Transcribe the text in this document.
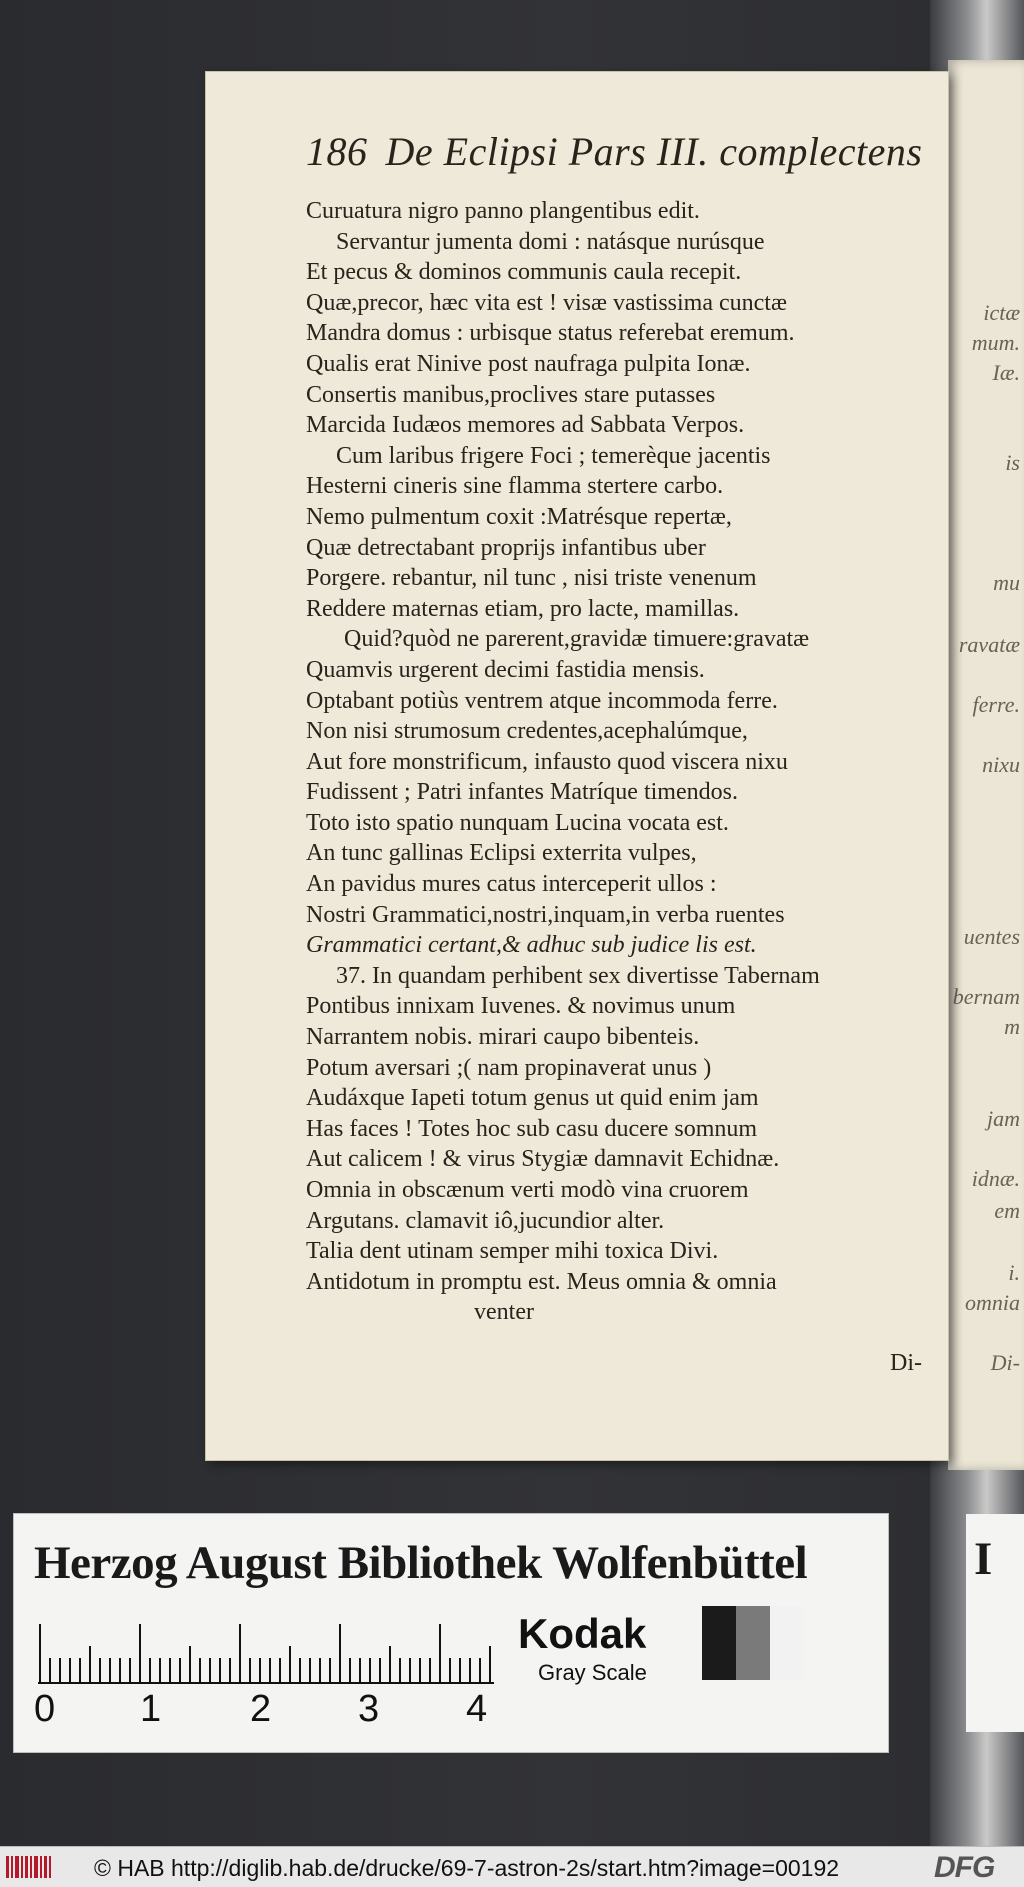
ictæ
mum.
Iæ.
is
mu
ravatæ
ferre.
nixu
uentes
bernam
m
jam
idnæ.
em
i.
omnia
Di-
186 De Eclipsi Pars III. complectens
Curuatura nigro panno plangentibus edit.
Servantur jumenta domi : natásque nurúsque
Et pecus & dominos communis caula recepit.
Quæ,precor, hæc vita est ! visæ vastissima cunctæ
Mandra domus : urbisque status referebat eremum.
Qualis erat Ninive post naufraga pulpita Ionæ.
Consertis manibus,proclives stare putasses
Marcida Iudæos memores ad Sabbata Verpos.
Cum laribus frigere Foci ; temerèque jacentis
Hesterni cineris sine flamma stertere carbo.
Nemo pulmentum coxit :Matrésque repertæ,
Quæ detrectabant proprijs infantibus uber
Porgere. rebantur, nil tunc , nisi triste venenum
Reddere maternas etiam, pro lacte, mamillas.
Quid?quòd ne parerent,gravidæ timuere:gravatæ
Quamvis urgerent decimi fastidia mensis.
Optabant potiùs ventrem atque incommoda ferre.
Non nisi strumosum credentes,acephalúmque,
Aut fore monstrificum, infausto quod viscera nixu
Fudissent ; Patri infantes Matríque timendos.
Toto isto spatio nunquam Lucina vocata est.
An tunc gallinas Eclipsi exterrita vulpes,
An pavidus mures catus interceperit ullos :
Nostri Grammatici,nostri,inquam,in verba ruentes
Grammatici certant,& adhuc sub judice lis est.
37. In quandam perhibent sex divertisse Tabernam
Pontibus innixam Iuvenes. & novimus unum
Narrantem nobis. mirari caupo bibenteis.
Potum aversari ;( nam propinaverat unus )
Audáxque Iapeti totum genus ut quid enim jam
Has faces ! Totes hoc sub casu ducere somnum
Aut calicem ! & virus Stygiæ damnavit Echidnæ.
Omnia in obscænum verti modò vina cruorem
Argutans. clamavit iô,jucundior alter.
Talia dent utinam semper mihi toxica Divi.
Antidotum in promptu est. Meus omnia & omnia
venter
Di-
Herzog August Bibliothek Wolfenbüttel
0 1 2 3 4
Kodak
Gray Scale
I
© HAB http://diglib.hab.de/drucke/69-7-astron-2s/start.htm?image=00192	DFG
